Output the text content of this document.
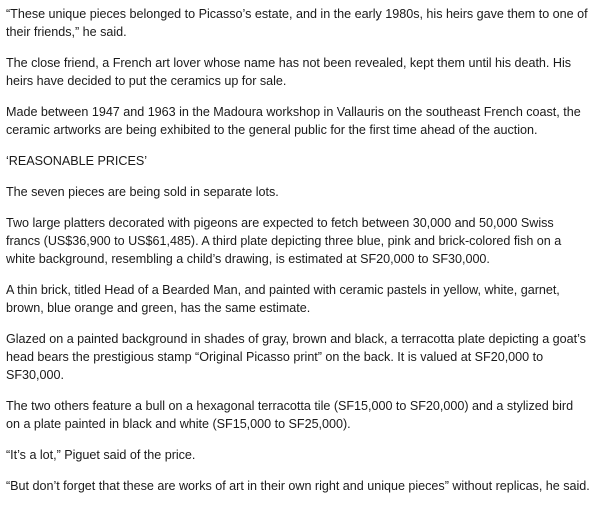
“These unique pieces belonged to Picasso’s estate, and in the early 1980s, his heirs gave them to one of their friends,” he said.

The close friend, a French art lover whose name has not been revealed, kept them until his death. His heirs have decided to put the ceramics up for sale.

Made between 1947 and 1963 in the Madoura workshop in Vallauris on the southeast French coast, the ceramic artworks are being exhibited to the general public for the first time ahead of the auction.

‘REASONABLE PRICES’

The seven pieces are being sold in separate lots.

Two large platters decorated with pigeons are expected to fetch between 30,000 and 50,000 Swiss francs (US$36,900 to US$61,485). A third plate depicting three blue, pink and brick-colored fish on a white background, resembling a child’s drawing, is estimated at SF20,000 to SF30,000.

A thin brick, titled Head of a Bearded Man, and painted with ceramic pastels in yellow, white, garnet, brown, blue orange and green, has the same estimate.

Glazed on a painted background in shades of gray, brown and black, a terracotta plate depicting a goat’s head bears the prestigious stamp “Original Picasso print” on the back. It is valued at SF20,000 to SF30,000.

The two others feature a bull on a hexagonal terracotta tile (SF15,000 to SF20,000) and a stylized bird on a plate painted in black and white (SF15,000 to SF25,000).

“It’s a lot,” Piguet said of the price.

“But don’t forget that these are works of art in their own right and unique pieces” without replicas, he said.
